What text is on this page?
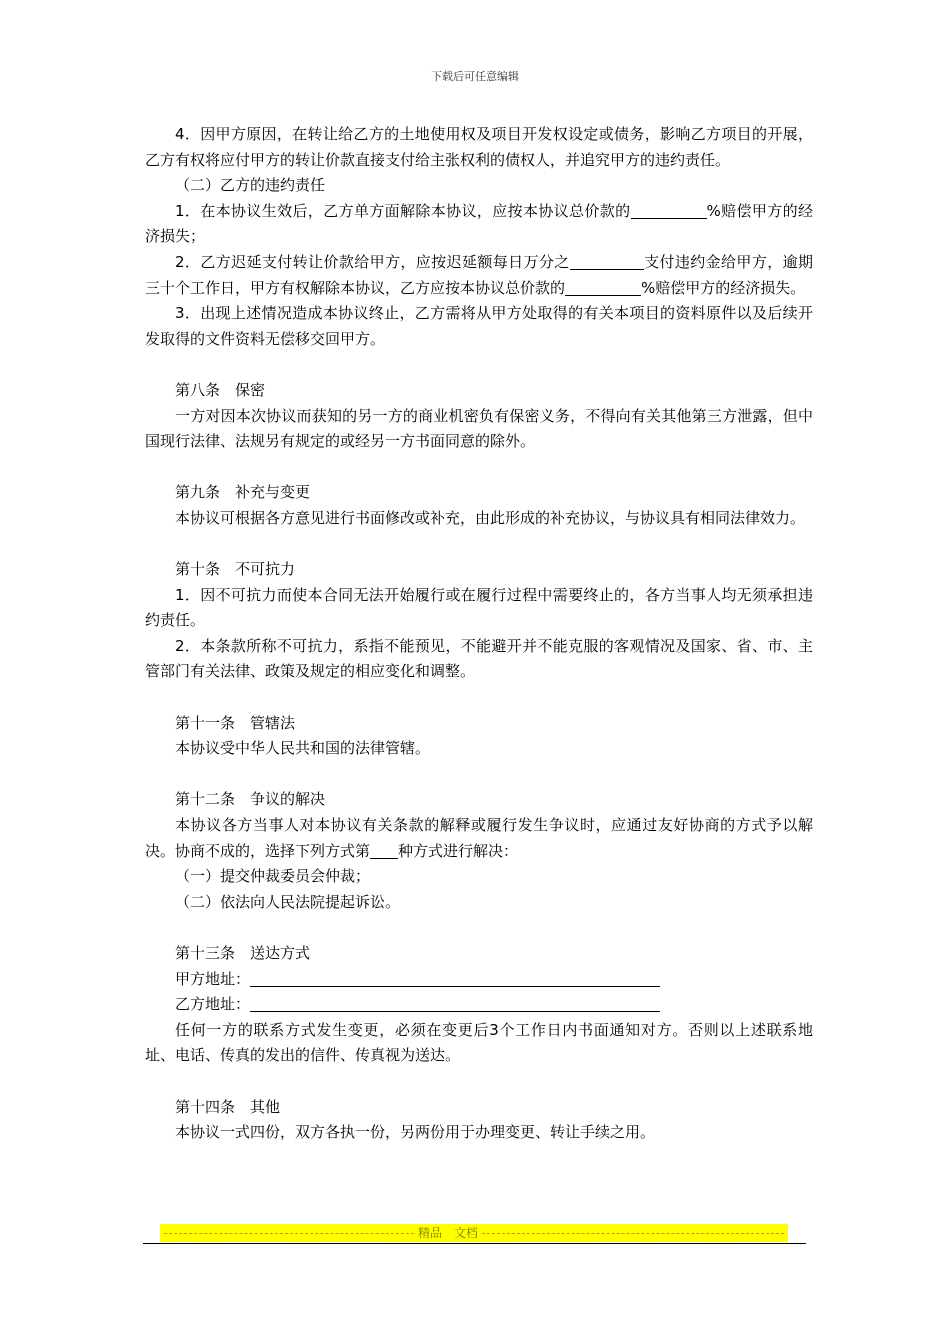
下载后可任意编辑

4．因甲方原因，在转让给乙方的土地使用权及项目开发权设定或债务，影响乙方项目的开展，乙方有权将应付甲方的转让价款直接支付给主张权利的债权人，并追究甲方的违约责任。

（二）乙方的违约责任

1．在本协议生效后，乙方单方面解除本协议，应按本协议总价款的	%赔偿甲方的经济损失；

2．乙方迟延支付转让价款给甲方，应按迟延额每日万分之	支付违约金给甲方，逾期三十个工作日，甲方有权解除本协议，乙方应按本协议总价款的	%赔偿甲方的经济损失。

3．出现上述情况造成本协议终止，乙方需将从甲方处取得的有关本项目的资料原件以及后续开发取得的文件资料无偿移交回甲方。

第八条　保密

一方对因本次协议而获知的另一方的商业机密负有保密义务，不得向有关其他第三方泄露，但中国现行法律、法规另有规定的或经另一方书面同意的除外。

第九条　补充与变更

本协议可根据各方意见进行书面修改或补充，由此形成的补充协议，与协议具有相同法律效力。

第十条　不可抗力

1．因不可抗力而使本合同无法开始履行或在履行过程中需要终止的，各方当事人均无须承担违约责任。

2．本条款所称不可抗力，系指不能预见，不能避开并不能克服的客观情况及国家、省、市、主管部门有关法律、政策及规定的相应变化和调整。

第十一条　管辖法

本协议受中华人民共和国的法律管辖。

第十二条　争议的解决

本协议各方当事人对本协议有关条款的解释或履行发生争议时，应通过友好协商的方式予以解决。协商不成的，选择下列方式第 种方式进行解决：

（一）提交仲裁委员会仲裁；

（二）依法向人民法院提起诉讼。

第十三条　送达方式

甲方地址：

乙方地址：

任何一方的联系方式发生变更，必须在变更后3个工作日内书面通知对方。否则以上述联系地址、电话、传真的发出的信件、传真视为送达。

第十四条　其他

本协议一式四份，双方各执一份，另两份用于办理变更、转让手续之用。

精品　文档
